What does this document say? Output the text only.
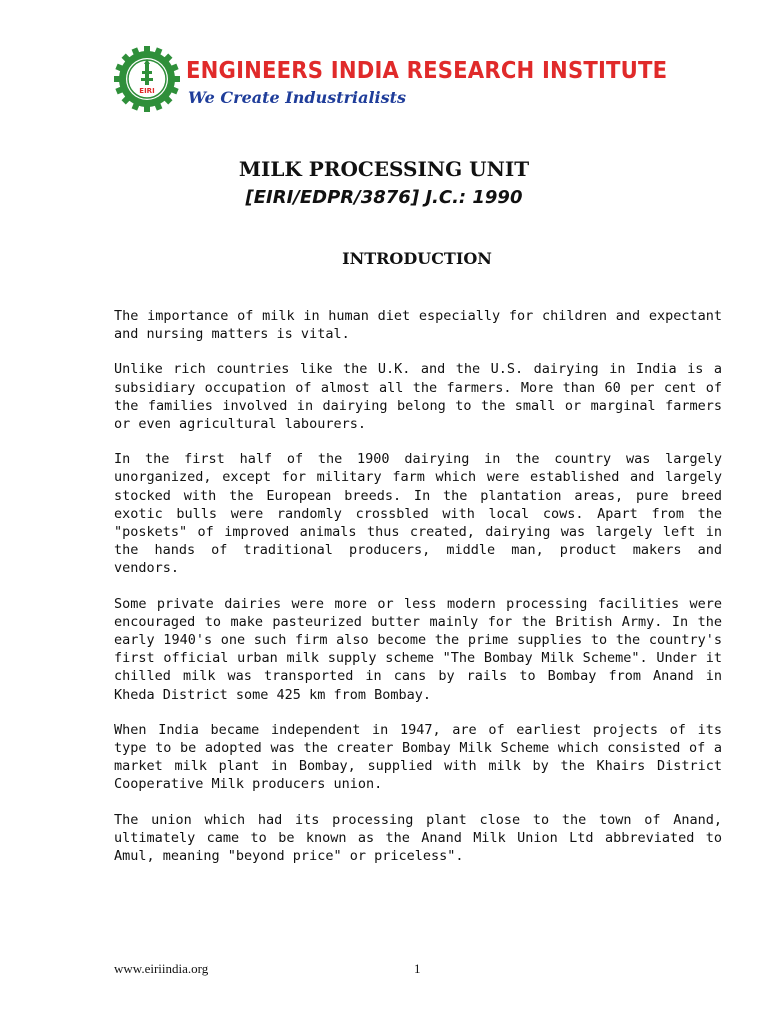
EIRI
ENGINEERS INDIA RESEARCH INSTITUTE
We Create Industrialists
MILK PROCESSING UNIT
[EIRI/EDPR/3876] J.C.: 1990
INTRODUCTION

The importance of milk in human diet especially for children and expectant and nursing matters is vital.

Unlike rich countries like the U.K. and the U.S. dairying in India is a subsidiary occupation of almost all the farmers. More than 60 per cent of the families involved in dairying belong to the small or marginal farmers or even agricultural labourers.

In the first half of the 1900 dairying in the country was largely unorganized, except for military farm which were established and largely stocked with the European breeds. In the plantation areas, pure breed exotic bulls were randomly crossbled with local cows. Apart from the "poskets" of improved animals thus created, dairying was largely left in the hands of traditional producers, middle man, product makers and vendors.

Some private dairies were more or less modern processing facilities were encouraged to make pasteurized butter mainly for the British Army. In the early 1940's one such firm also become the prime supplies to the country's first official urban milk supply scheme "The Bombay Milk Scheme". Under it chilled milk was transported in cans by rails to Bombay from Anand in Kheda District some 425 km from Bombay.

When India became independent in 1947, are of earliest projects of its type to be adopted was the creater Bombay Milk Scheme which consisted of a market milk plant in Bombay, supplied with milk by the Khairs District Cooperative Milk producers union.

The union which had its processing plant close to the town of Anand, ultimately came to be known as the Anand Milk Union Ltd abbreviated to Amul, meaning "beyond price" or priceless".

www.eiriindia.org	1
